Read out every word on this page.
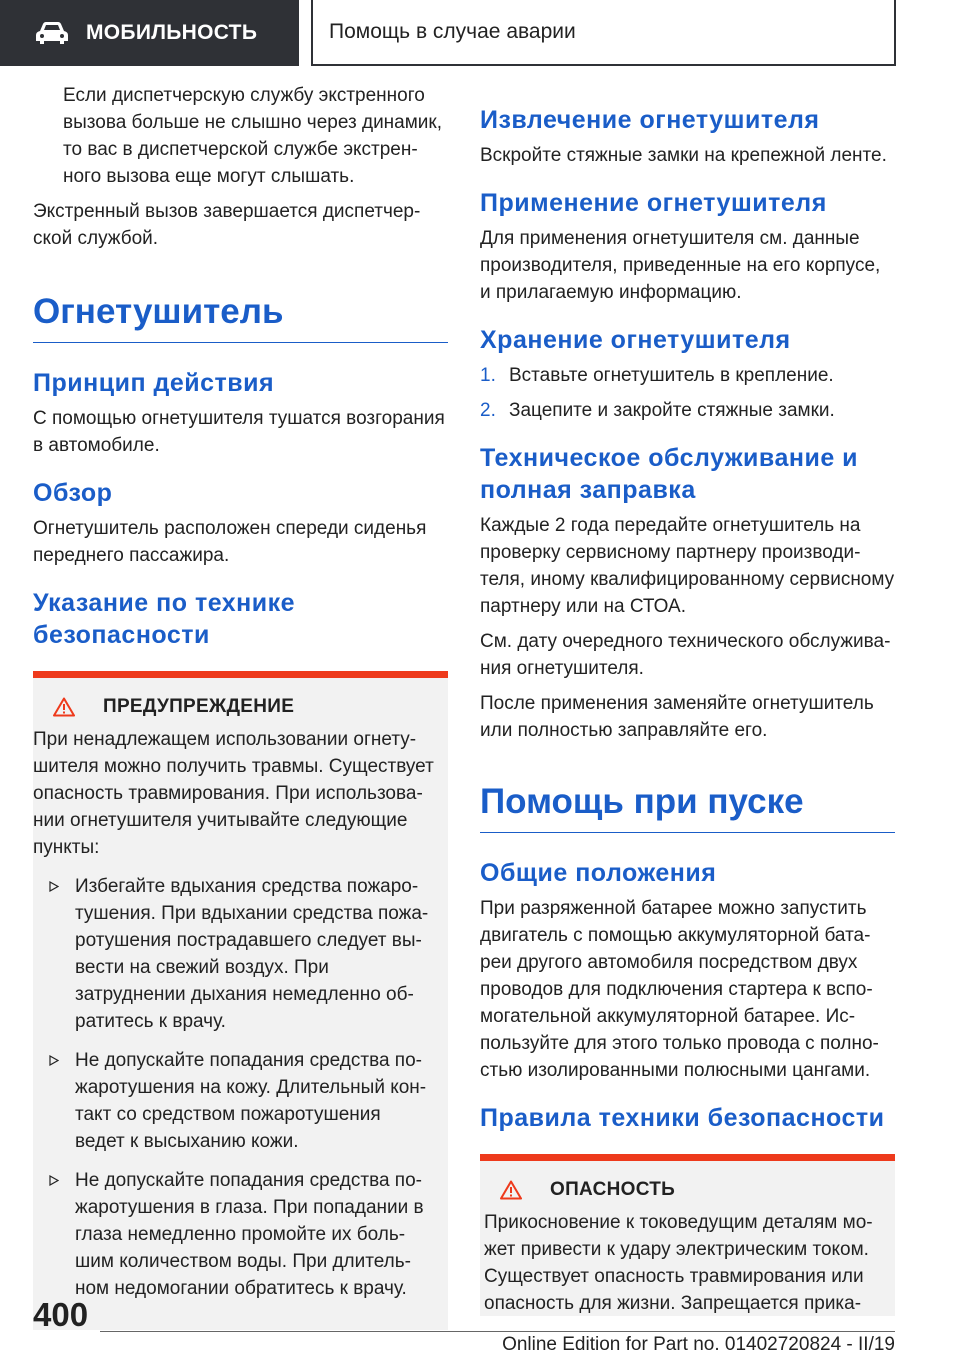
МОБИЛЬНОСТЬ	Помощь в случае аварии

Если диспетчерскую службу экстренного вызова больше не слышно через динамик, то вас в диспетчерской службе экстрен-ного вызова еще могут слышать.

Экстренный вызов завершается диспетчер-ской службой.

Огнетушитель
Принцип действия

С помощью огнетушителя тушатся возгорания в автомобиле.

Обзор

Огнетушитель расположен спереди сиденья переднего пассажира.

Указание по технике безопасности
ПРЕДУПРЕЖДЕНИЕ

При ненадлежащем использовании огнету-шителя можно получить травмы. Существует опасность травмирования. При использова-нии огнетушителя учитывайте следующие пункты:

Избегайте вдыхания средства пожаро-тушения. При вдыхании средства пожа-ротушения пострадавшего следует вы-вести на свежий воздух. При затруднении дыхания немедленно об-ратитесь к врачу.
Не допускайте попадания средства по-жаротушения на кожу. Длительный кон-такт со средством пожаротушения ведет к высыханию кожи.
Не допускайте попадания средства по-жаротушения в глаза. При попадании в глаза немедленно промойте их боль-шим количеством воды. При длитель-ном недомогании обратитесь к врачу.
Извлечение огнетушителя

Вскройте стяжные замки на крепежной ленте.

Применение огнетушителя

Для применения огнетушителя см. данные производителя, приведенные на его корпусе, и прилагаемую информацию.

Хранение огнетушителя
1. Вставьте огнетушитель в крепление.
2. Зацепите и закройте стяжные замки.
Техническое обслуживание и полная заправка

Каждые 2 года передайте огнетушитель на проверку сервисному партнеру производи-теля, иному квалифицированному сервисному партнеру или на СТОА.

См. дату очередного технического обслужива-ния огнетушителя.

После применения заменяйте огнетушитель или полностью заправляйте его.

Помощь при пуске
Общие положения

При разряженной батарее можно запустить двигатель с помощью аккумуляторной бата-реи другого автомобиля посредством двух проводов для подключения стартера к вспо-могательной аккумуляторной батарее. Ис-пользуйте для этого только провода с полно-стью изолированными полюсными цангами.

Правила техники безопасности
ОПАСНОСТЬ

Прикосновение к токоведущим деталям мо-жет привести к удару электрическим током. Существует опасность травмирования или опасность для жизни. Запрещается прика-

400
Online Edition for Part no. 01402720824 - II/19
